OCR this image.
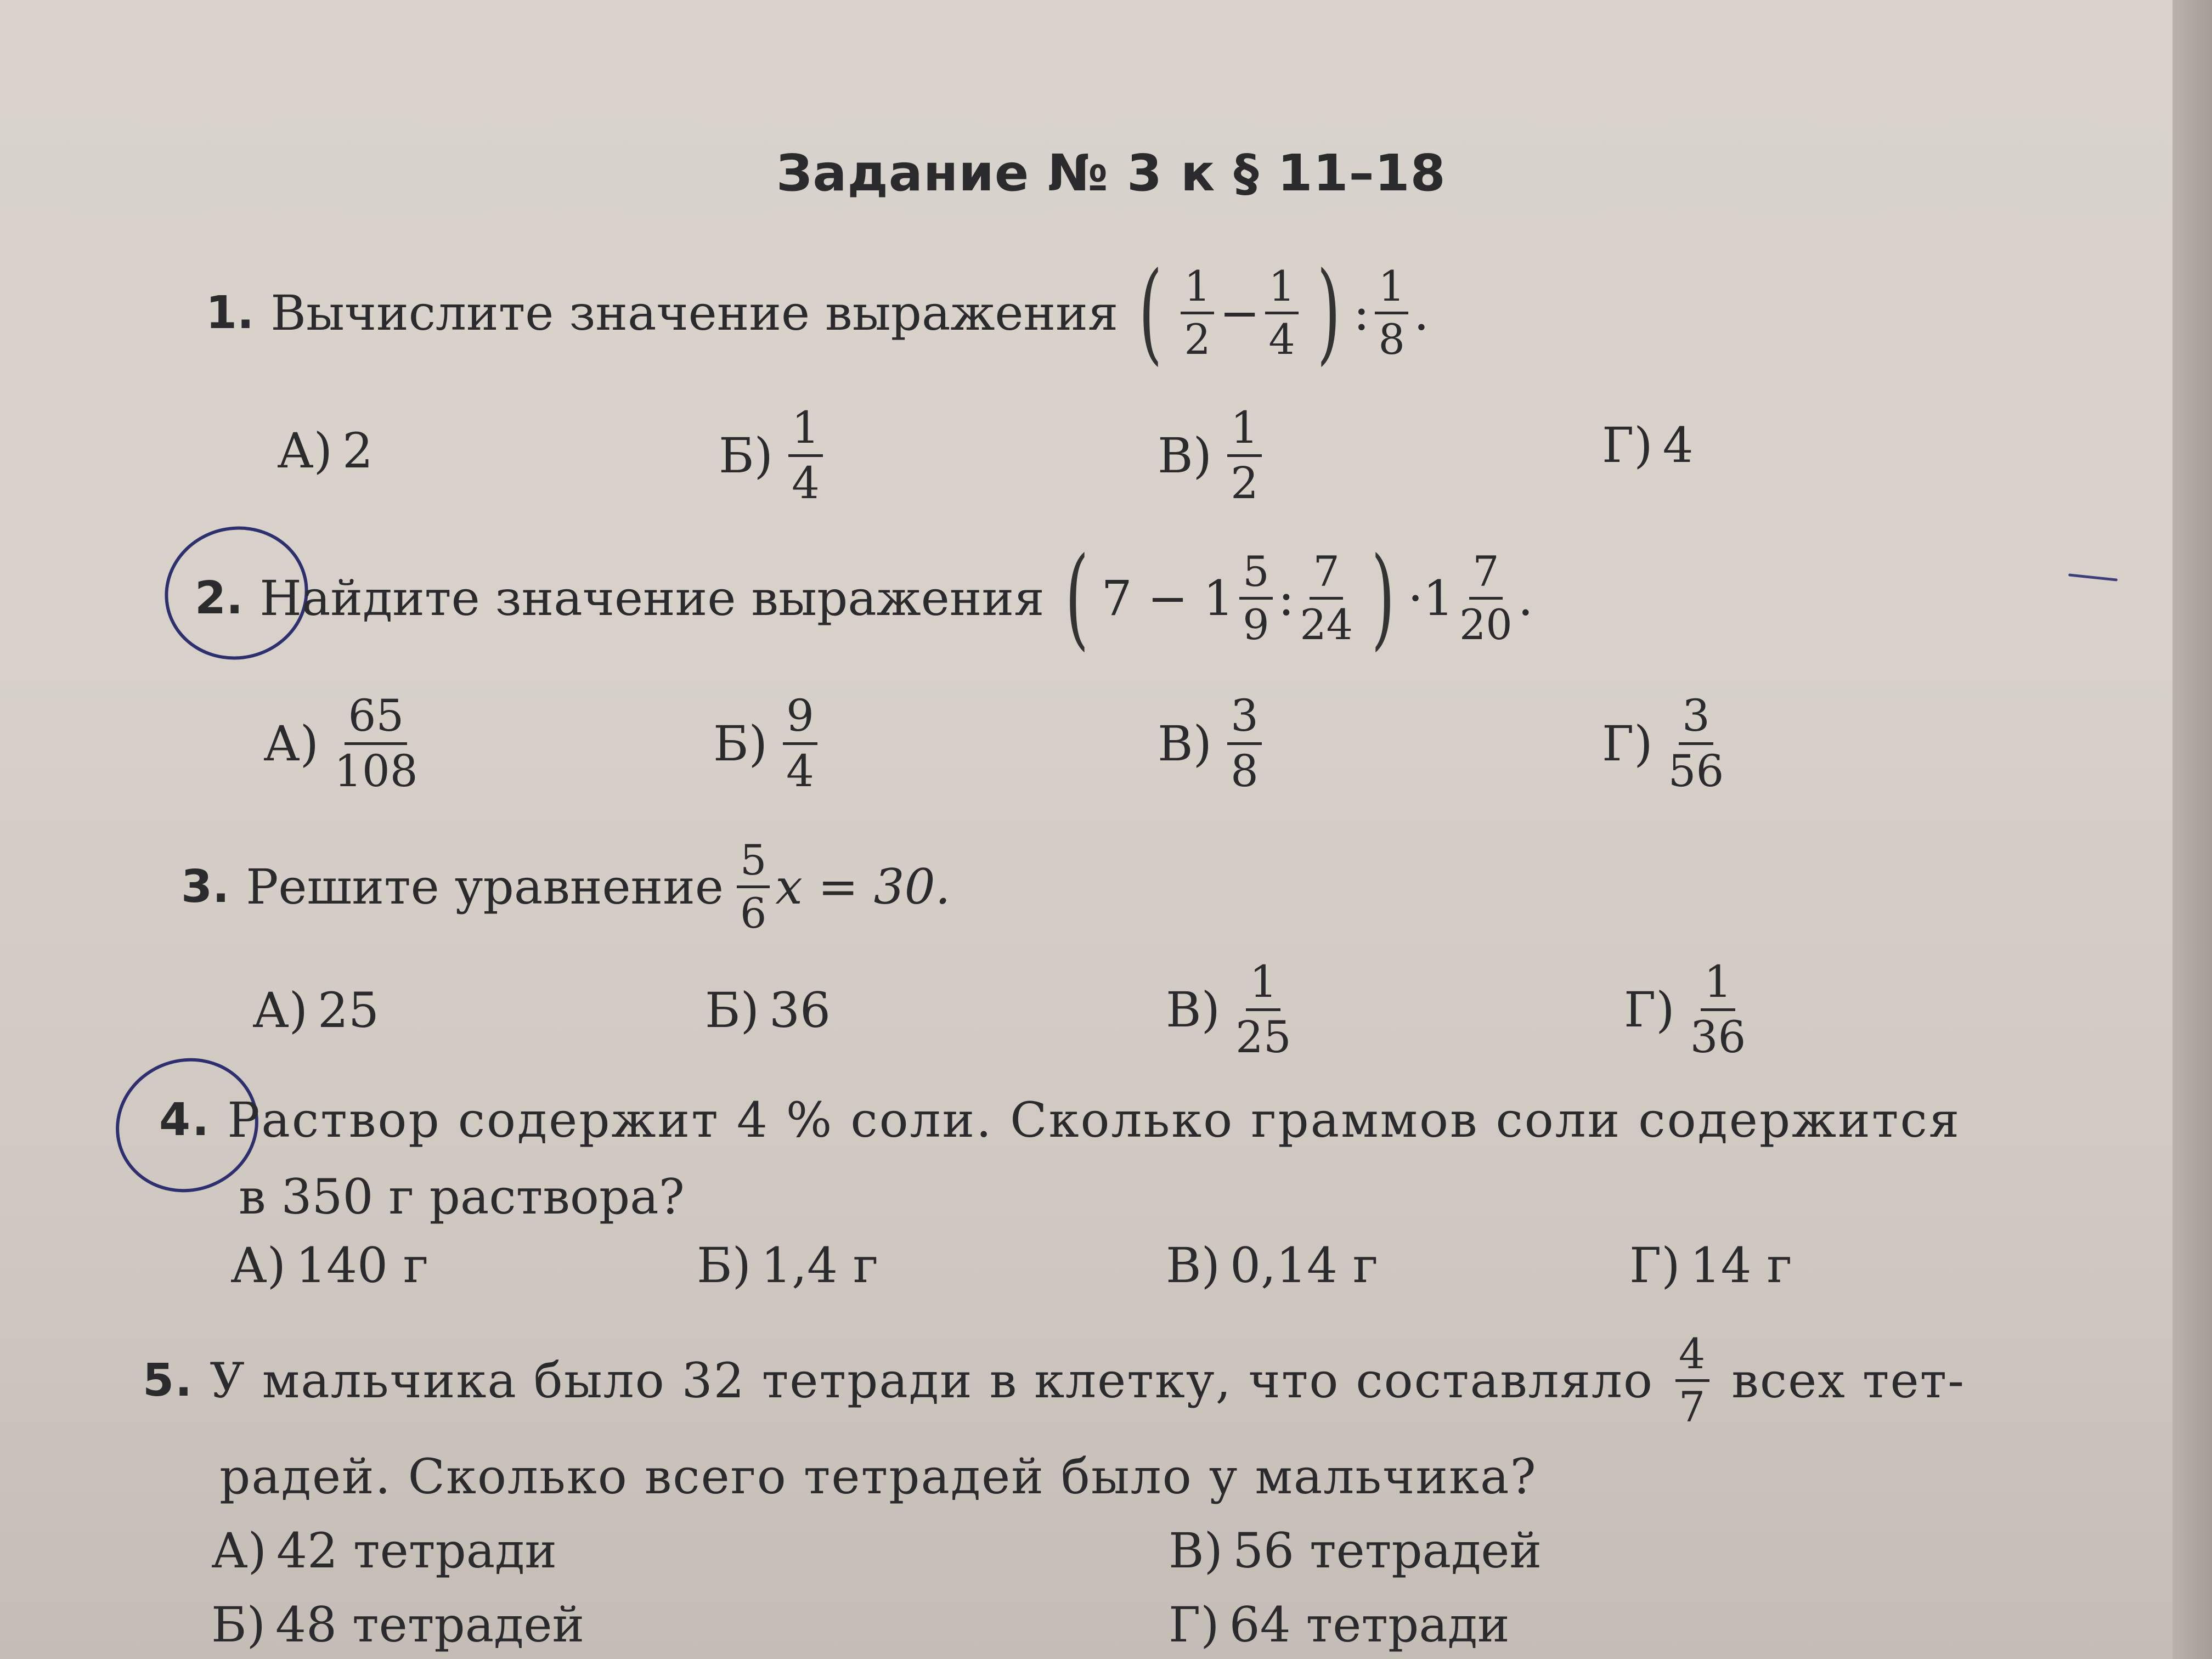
Задание № 3 к § 11–18
1. Вычислите значение выражения ( $\frac{1}{2} - \frac{1}{4}$ ) : $\frac{1}{8}$ .
А) 2	$Б) \frac{1}{4}$	$В) \frac{1}{2}$	Г) 4
2. Найдите значение выражения ( $7 - 1 \frac{5}{9}$ : $\frac{7}{24}$ ) $\cdot 1 \frac{7}{20}$ .
$А) \frac{65}{108}$	$Б) \frac{9}{4}$	$В) \frac{3}{8}$	$Г) \frac{3}{56}$
3. Решите уравнение $\frac{5}{6}$ x = 30.
А) 25	Б) 36	$В) \frac{1}{25}$	$Г) \frac{1}{36}$
4. Раствор содержит 4 % соли. Сколько граммов соли содержится
в 350 г раствора?
А) 140 г	Б) 1,4 г	В) 0,14 г	Г) 14 г
5. У мальчика было 32 тетради в клетку, что составляло $\frac{4}{7}$ всех тет-
радей. Сколько всего тетрадей было у мальчика?
А) 42 тетради	В) 56 тетрадей
Б) 48 тетрадей	Г) 64 тетради
